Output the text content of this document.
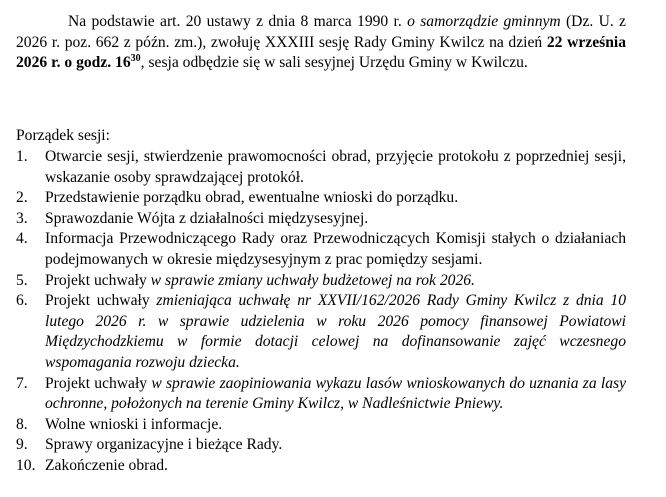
Na podstawie art. 20 ustawy z dnia 8 marca 1990 r. o samorządzie gminnym (Dz. U. z 2026 r. poz. 662 z późn. zm.), zwołuję XXXIII sesję Rady Gminy Kwilcz na dzień 22 września 2026 r. o godz. $16^{30}$, sesja odbędzie się w sali sesyjnej Urzędu Gminy w Kwilczu.

Porządek sesji:

1. Otwarcie sesji, stwierdzenie prawomocności obrad, przyjęcie protokołu z poprzedniej sesji, wskazanie osoby sprawdzającej protokół.
2. Przedstawienie porządku obrad, ewentualne wnioski do porządku.
3. Sprawozdanie Wójta z działalności międzysesyjnej.
4. Informacja Przewodniczącego Rady oraz Przewodniczących Komisji stałych o działaniach podejmowanych w okresie międzysesyjnym z prac pomiędzy sesjami.
5. Projekt uchwały w sprawie zmiany uchwały budżetowej na rok 2026.
6. Projekt uchwały zmieniająca uchwałę nr XXVII/162/2026 Rady Gminy Kwilcz z dnia 10 lutego 2026 r. w sprawie udzielenia w roku 2026 pomocy finansowej Powiatowi Międzychodzkiemu w formie dotacji celowej na dofinansowanie zajęć wczesnego wspomagania rozwoju dziecka.
7. Projekt uchwały w sprawie zaopiniowania wykazu lasów wnioskowanych do uznania za lasy ochronne, położonych na terenie Gminy Kwilcz, w Nadleśnictwie Pniewy.
8. Wolne wnioski i informacje.
9. Sprawy organizacyjne i bieżące Rady.
10. Zakończenie obrad.
